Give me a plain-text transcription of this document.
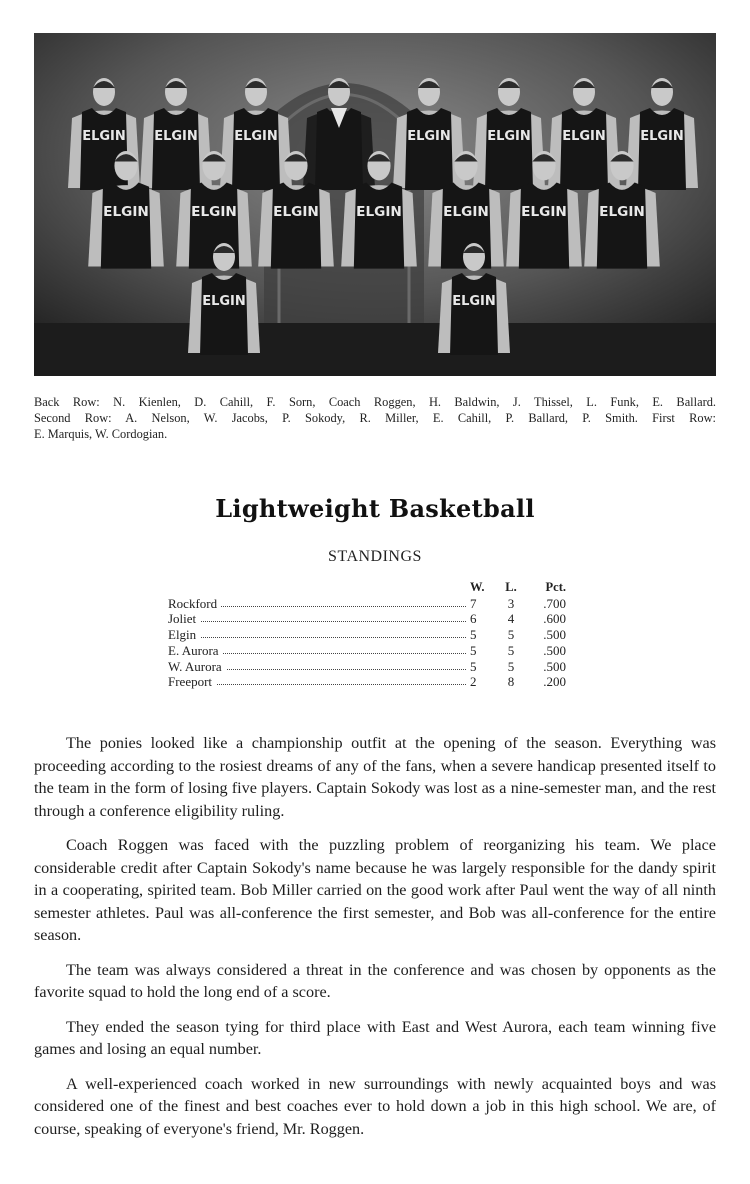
ELGIN ELGIN	ELGIN	ELGIN	ELGIN ELGIN	ELGIN
ELGIN	ELGIN	ELGIN	ELGIN	ELGIN ELGIN ELGIN
ELGIN	ELGIN
Back Row: N. Kienlen, D. Cahill, F. Sorn, Coach Roggen, H. Baldwin, J. Thissel, L. Funk, E. Ballard.
Second Row: A. Nelson, W. Jacobs, P. Sokody, R. Miller, E. Cahill, P. Ballard, P. Smith. First Row:
E. Marquis, W. Cordogian.
Lightweight Basketball
STANDINGS
	W.	L.	Pct.

Rockford	7	3	.700

Joliet	6	4	.600

Elgin	5	5	.500

E. Aurora	5	5	.500

W. Aurora	5	5	.500

Freeport	2	8	.200

The ponies looked like a championship outfit at the opening of the season. Everything was proceeding according to the rosiest dreams of any of the fans, when a severe handicap presented itself to the team in the form of losing five players. Captain Sokody was lost as a nine-semester man, and the rest through a conference eligibility ruling.

Coach Roggen was faced with the puzzling problem of reorganizing his team. We place considerable credit after Captain Sokody's name because he was largely responsible for the dandy spirit in a cooperating, spirited team. Bob Miller carried on the good work after Paul went the way of all ninth semester athletes. Paul was all-conference the first semester, and Bob was all-conference for the entire season.

The team was always considered a threat in the conference and was chosen by opponents as the favorite squad to hold the long end of a score.

They ended the season tying for third place with East and West Aurora, each team winning five games and losing an equal number.

A well-experienced coach worked in new surroundings with newly acquainted boys and was considered one of the finest and best coaches ever to hold down a job in this high school. We are, of course, speaking of everyone's friend, Mr. Roggen.
